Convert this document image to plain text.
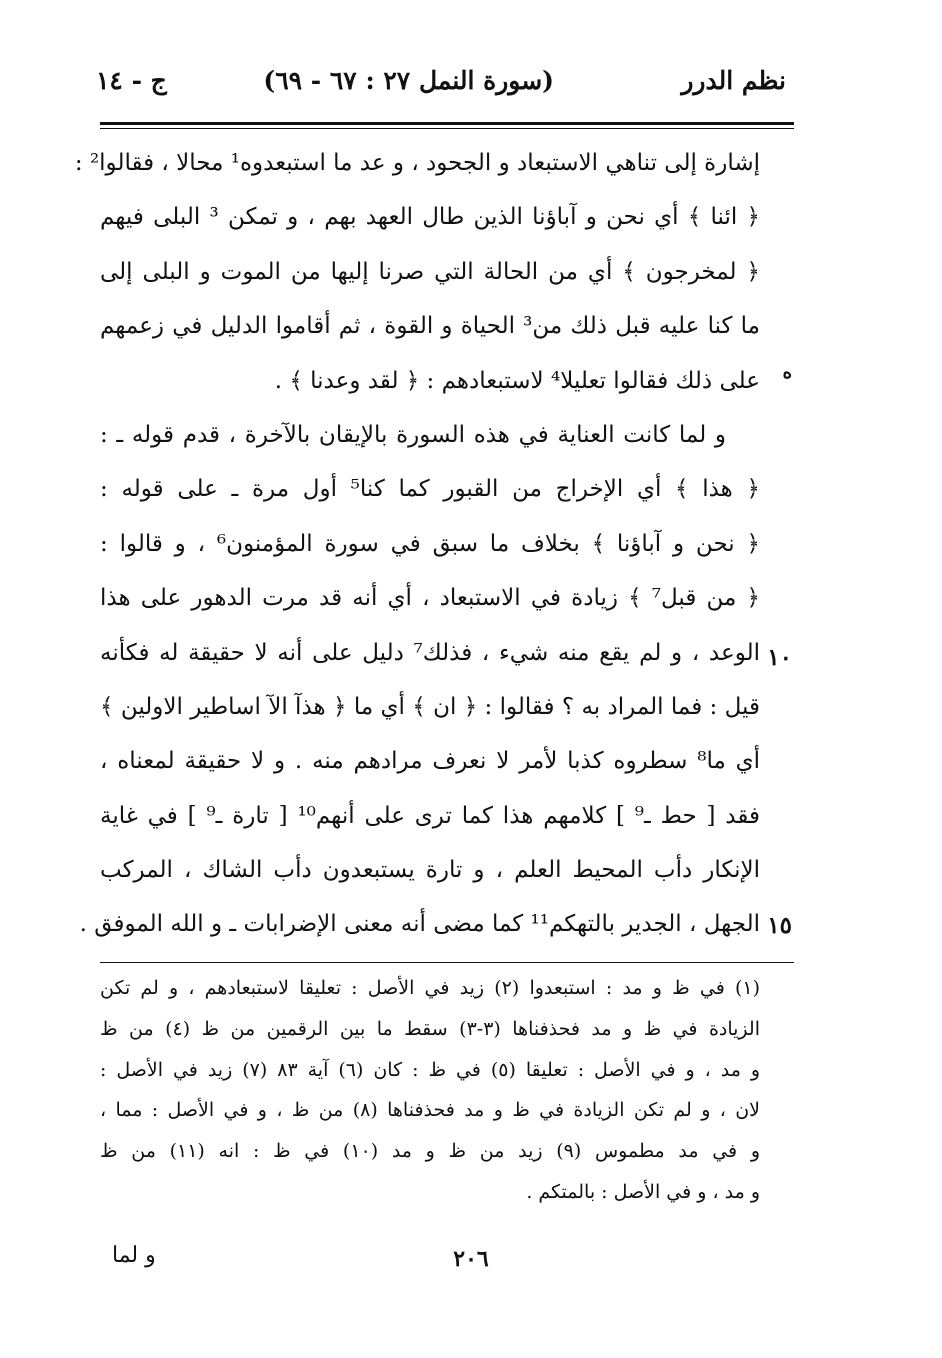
نظم الدرر
(سورة النمل ٢٧ : ٦٧ - ٦٩)
ج - ١٤
إشارة إلى تناهي الاستبعاد و الجحود ، و عد ما استبعدوه¹ محالا ، فقالوا² :
﴿ ائنا ﴾ أي نحن و آباؤنا الذين طال العهد بهم ، و تمكن ³ البلى فيهم
﴿ لمخرجون ﴾ أي من الحالة التي صرنا إليها من الموت و البلى إلى
ما كنا عليه قبل ذلك من³ الحياة و القوة ، ثم أقاموا الدليل في زعمهم
على ذلك فقالوا تعليلا⁴ لاستبعادهم : ﴿ لقد وعدنا ﴾ .
و لما كانت العناية في هذه السورة بالإيقان بالآخرة ، قدم قوله ـ :
﴿ هذا ﴾ أي الإخراج من القبور كما كنا⁵ أول مرة ـ على قوله :
﴿ نحن و آباؤنا ﴾ بخلاف ما سبق في سورة المؤمنون⁶ ، و قالوا :
﴿ من قبل⁷ ﴾ زيادة في الاستبعاد ، أي أنه قد مرت الدهور على هذا
الوعد ، و لم يقع منه شيء ، فذلك⁷ دليل على أنه لا حقيقة له فكأنه
قيل : فما المراد به ؟ فقالوا : ﴿ ان ﴾ أي ما ﴿ هذآ الآ اساطير الاولين ﴾
أي ما⁸ سطروه كذبا لأمر لا نعرف مرادهم منه . و لا حقيقة لمعناه ،
فقد [ حط ـ⁹ ] كلامهم هذا كما ترى على أنهم¹⁰ [ تارة ـ⁹ ] في غاية
الإنكار دأب المحيط العلم ، و تارة يستبعدون دأب الشاك ، المركب
الجهل ، الجدير بالتهكم¹¹ كما مضى أنه معنى الإضرابات ـ و الله الموفق .
ه
١٠
١٥
(١) في ظ و مد : استبعدوا (٢) زيد في الأصل : تعليقا لاستبعادهم ، و لم تكن
الزيادة في ظ و مد فحذفناها (٣-٣) سقط ما بين الرقمين من ظ (٤) من ظ
و مد ، و في الأصل : تعليقا (٥) في ظ : كان (٦) آية ٨٣ (٧) زيد في الأصل :
لان ، و لم تكن الزيادة في ظ و مد فحذفناها (٨) من ظ ، و في الأصل : مما ،
و في مد مطموس (٩) زيد من ظ و مد (١٠) في ظ : انه (١١) من ظ
و مد ، و في الأصل : بالمتكم .
٢٠٦
و لما
